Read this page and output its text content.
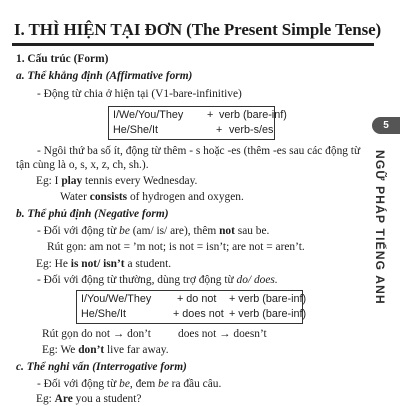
I. THÌ HIỆN TẠI ĐƠN (The Present Simple Tense)
1. Cấu trúc (Form)
a. Thể khẳng định (Affirmative form)
- Động từ chia ở hiện tại (V1-bare-infinitive)
I/We/You/They + verb (bare-inf)
He/She/It	+ verb-s/es
- Ngôi thứ ba số ít, động từ thêm - s hoặc -es (thêm -es sau các động từ
tận cùng là o, s, x, z, ch, sh.).
Eg: I play tennis every Wednesday.
Water consists of hydrogen and oxygen.
b. Thể phủ định (Negative form)
- Đối với động từ be (am/ is/ are), thêm not sau be.
Rút gọn: am not = ’m not; is not = isn’t; are not = aren’t.
Eg: He is not/ isn’t a student.
- Đối với động từ thường, dùng trợ động từ do/ does.
I/You/We/They + do not + verb (bare-inf)
He/She/It	+ does not + verb (bare-inf)
Rút gọn do not → don’t does not → doesn’t
Eg: We don’t live far away.
c. Thể nghi vấn (Interrogative form)
- Đối với động từ be, đem be ra đầu câu.
Eg: Are you a student?
5
NGỮ PHÁP TIẾNG ANH
